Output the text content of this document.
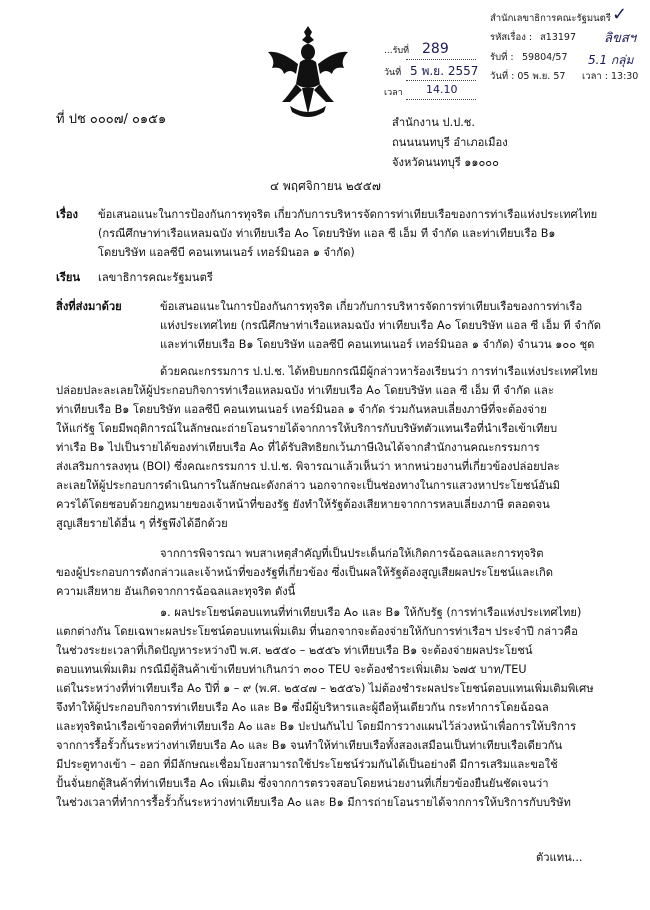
สำนักเลขาธิการคณะรัฐมนตรี
รหัสเรื่อง : ส13197
รับที่ : 59804/57
วันที่ : 05 พ.ย. 57 เวลา : 13:30
✓
ลิขสฯ
5.1 กลุ่ม
...รับที่ 289
วันที่ 5 พ.ย. 2557
เวลา 14.10
ที่ ปช ๐๐๐๗/ ๐๑๕๑	สำนักงาน ป.ป.ช.
ถนนนนทบุรี อำเภอเมือง
จังหวัดนนทบุรี ๑๑๐๐๐
๔ พฤศจิกายน ๒๕๕๗
เรื่อง ข้อเสนอแนะในการป้องกันการทุจริต เกี่ยวกับการบริหารจัดการท่าเทียบเรือของการท่าเรือแห่งประเทศไทย
(กรณีศึกษาท่าเรือแหลมฉบัง ท่าเทียบเรือ A๐ โดยบริษัท แอล ซี เอ็ม ที จำกัด และท่าเทียบเรือ B๑
โดยบริษัท แอลซีบี คอนเทนเนอร์ เทอร์มินอล ๑ จำกัด)
เรียน เลขาธิการคณะรัฐมนตรี
สิ่งที่ส่งมาด้วย	ข้อเสนอแนะในการป้องกันการทุจริต เกี่ยวกับการบริหารจัดการท่าเทียบเรือของการท่าเรือ
แห่งประเทศไทย (กรณีศึกษาท่าเรือแหลมฉบัง ท่าเทียบเรือ A๐ โดยบริษัท แอล ซี เอ็ม ที จำกัด
และท่าเทียบเรือ B๑ โดยบริษัท แอลซีบี คอนเทนเนอร์ เทอร์มินอล ๑ จำกัด) จำนวน ๑๐๐ ชุด
ด้วยคณะกรรมการ ป.ป.ช. ได้หยิบยกกรณีมีผู้กล่าวหาร้องเรียนว่า การท่าเรือแห่งประเทศไทย
ปล่อยปละละเลยให้ผู้ประกอบกิจการท่าเรือแหลมฉบัง ท่าเทียบเรือ A๐ โดยบริษัท แอล ซี เอ็ม ที จำกัด และ
ท่าเทียบเรือ B๑ โดยบริษัท แอลซีบี คอนเทนเนอร์ เทอร์มินอล ๑ จำกัด ร่วมกันหลบเลี่ยงภาษีที่จะต้องจ่าย
ให้แก่รัฐ โดยมีพฤติการณ์ในลักษณะถ่ายโอนรายได้จากการให้บริการกับบริษัทตัวแทนเรือที่นำเรือเข้าเทียบ
ท่าเรือ B๑ ไปเป็นรายได้ของท่าเทียบเรือ A๐ ที่ได้รับสิทธิยกเว้นภาษีเงินได้จากสำนักงานคณะกรรมการ
ส่งเสริมการลงทุน (BOI) ซึ่งคณะกรรมการ ป.ป.ช. พิจารณาแล้วเห็นว่า หากหน่วยงานที่เกี่ยวข้องปล่อยปละ
ละเลยให้ผู้ประกอบการดำเนินการในลักษณะดังกล่าว นอกจากจะเป็นช่องทางในการแสวงหาประโยชน์อันมิ
ควรได้โดยชอบด้วยกฎหมายของเจ้าหน้าที่ของรัฐ ยังทำให้รัฐต้องเสียหายจากการหลบเลี่ยงภาษี ตลอดจน
สูญเสียรายได้อื่น ๆ ที่รัฐพึงได้อีกด้วย
จากการพิจารณา พบสาเหตุสำคัญที่เป็นประเด็นก่อให้เกิดการฉ้อฉลและการทุจริต
ของผู้ประกอบการดังกล่าวและเจ้าหน้าที่ของรัฐที่เกี่ยวข้อง ซึ่งเป็นผลให้รัฐต้องสูญเสียผลประโยชน์และเกิด
ความเสียหาย อันเกิดจากการฉ้อฉลและทุจริต ดังนี้
๑. ผลประโยชน์ตอบแทนที่ท่าเทียบเรือ A๐ และ B๑ ให้กับรัฐ (การท่าเรือแห่งประเทศไทย)
แตกต่างกัน โดยเฉพาะผลประโยชน์ตอบแทนเพิ่มเติม ที่นอกจากจะต้องจ่ายให้กับการท่าเรือฯ ประจำปี กล่าวคือ
ในช่วงระยะเวลาที่เกิดปัญหาระหว่างปี พ.ศ. ๒๕๕๐ – ๒๕๕๖ ท่าเทียบเรือ B๑ จะต้องจ่ายผลประโยชน์
ตอบแทนเพิ่มเติม กรณีมีตู้สินค้าเข้าเทียบท่าเกินกว่า ๓๐๐ TEU จะต้องชำระเพิ่มเติม ๖๗๕ บาท/TEU
แต่ในระหว่างที่ท่าเทียบเรือ A๐ ปีที่ ๑ – ๙ (พ.ศ. ๒๕๔๗ – ๒๕๕๖) ไม่ต้องชำระผลประโยชน์ตอบแทนเพิ่มเติมพิเศษ
จึงทำให้ผู้ประกอบกิจการท่าเทียบเรือ A๐ และ B๑ ซึ่งมีผู้บริหารและผู้ถือหุ้นเดียวกัน กระทำการโดยฉ้อฉล
และทุจริตนำเรือเข้าจอดที่ท่าเทียบเรือ A๐ และ B๑ ปะปนกันไป โดยมีการวางแผนไว้ล่วงหน้าเพื่อการให้บริการ
จากการรื้อรั้วกั้นระหว่างท่าเทียบเรือ A๐ และ B๑ จนทำให้ท่าเทียบเรือทั้งสองเสมือนเป็นท่าเทียบเรือเดียวกัน
มีประตูทางเข้า – ออก ที่มีลักษณะเชื่อมโยงสามารถใช้ประโยชน์ร่วมกันได้เป็นอย่างดี มีการเสริมและขอใช้
ปั้นจั่นยกตู้สินค้าที่ท่าเทียบเรือ A๐ เพิ่มเติม ซึ่งจากการตรวจสอบโดยหน่วยงานที่เกี่ยวข้องยืนยันชัดเจนว่า
ในช่วงเวลาที่ทำการรื้อรั้วกั้นระหว่างท่าเทียบเรือ A๐ และ B๑ มีการถ่ายโอนรายได้จากการให้บริการกับบริษัท
ตัวแทน...
